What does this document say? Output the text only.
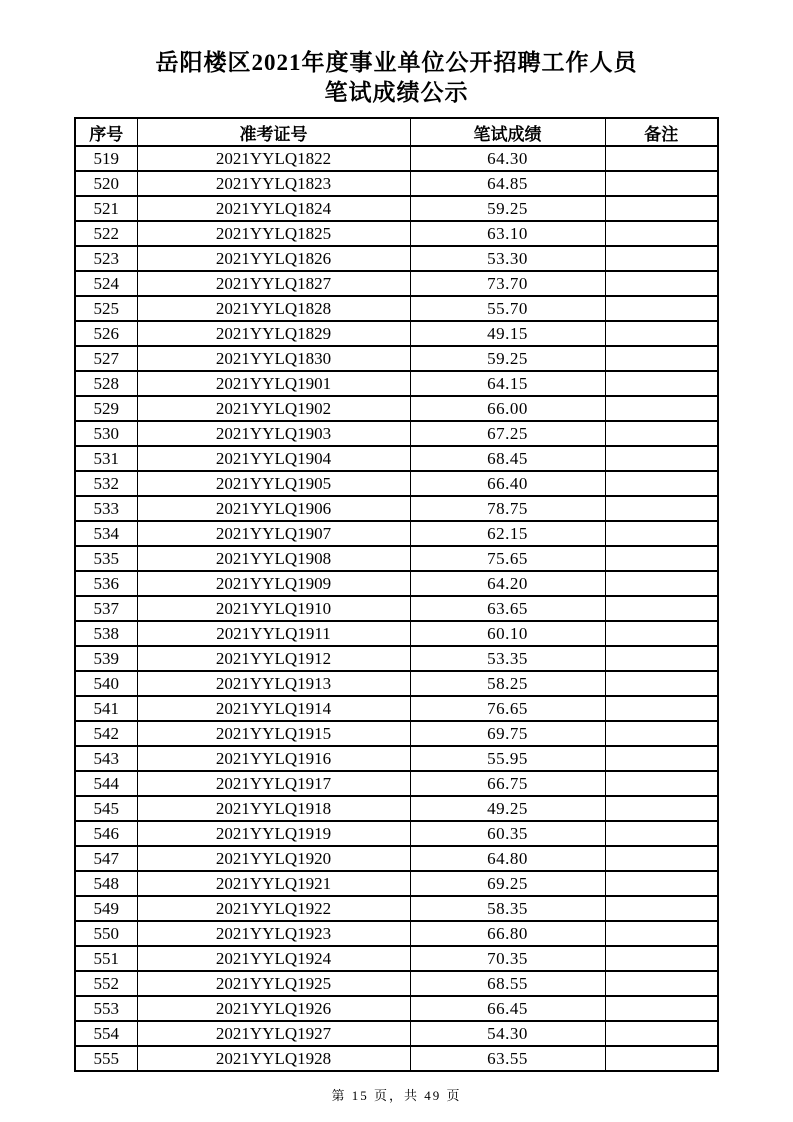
岳阳楼区2021年度事业单位公开招聘工作人员
笔试成绩公示
序号	准考证号	笔试成绩	备注
519	2021YYLQ1822	64.30	
520	2021YYLQ1823	64.85	
521	2021YYLQ1824	59.25	
522	2021YYLQ1825	63.10	
523	2021YYLQ1826	53.30	
524	2021YYLQ1827	73.70	
525	2021YYLQ1828	55.70	
526	2021YYLQ1829	49.15	
527	2021YYLQ1830	59.25	
528	2021YYLQ1901	64.15	
529	2021YYLQ1902	66.00	
530	2021YYLQ1903	67.25	
531	2021YYLQ1904	68.45	
532	2021YYLQ1905	66.40	
533	2021YYLQ1906	78.75	
534	2021YYLQ1907	62.15	
535	2021YYLQ1908	75.65	
536	2021YYLQ1909	64.20	
537	2021YYLQ1910	63.65	
538	2021YYLQ1911	60.10	
539	2021YYLQ1912	53.35	
540	2021YYLQ1913	58.25	
541	2021YYLQ1914	76.65	
542	2021YYLQ1915	69.75	
543	2021YYLQ1916	55.95	
544	2021YYLQ1917	66.75	
545	2021YYLQ1918	49.25	
546	2021YYLQ1919	60.35	
547	2021YYLQ1920	64.80	
548	2021YYLQ1921	69.25	
549	2021YYLQ1922	58.35	
550	2021YYLQ1923	66.80	
551	2021YYLQ1924	70.35	
552	2021YYLQ1925	68.55	
553	2021YYLQ1926	66.45	
554	2021YYLQ1927	54.30	
555	2021YYLQ1928	63.55	
第 15 页，共 49 页
